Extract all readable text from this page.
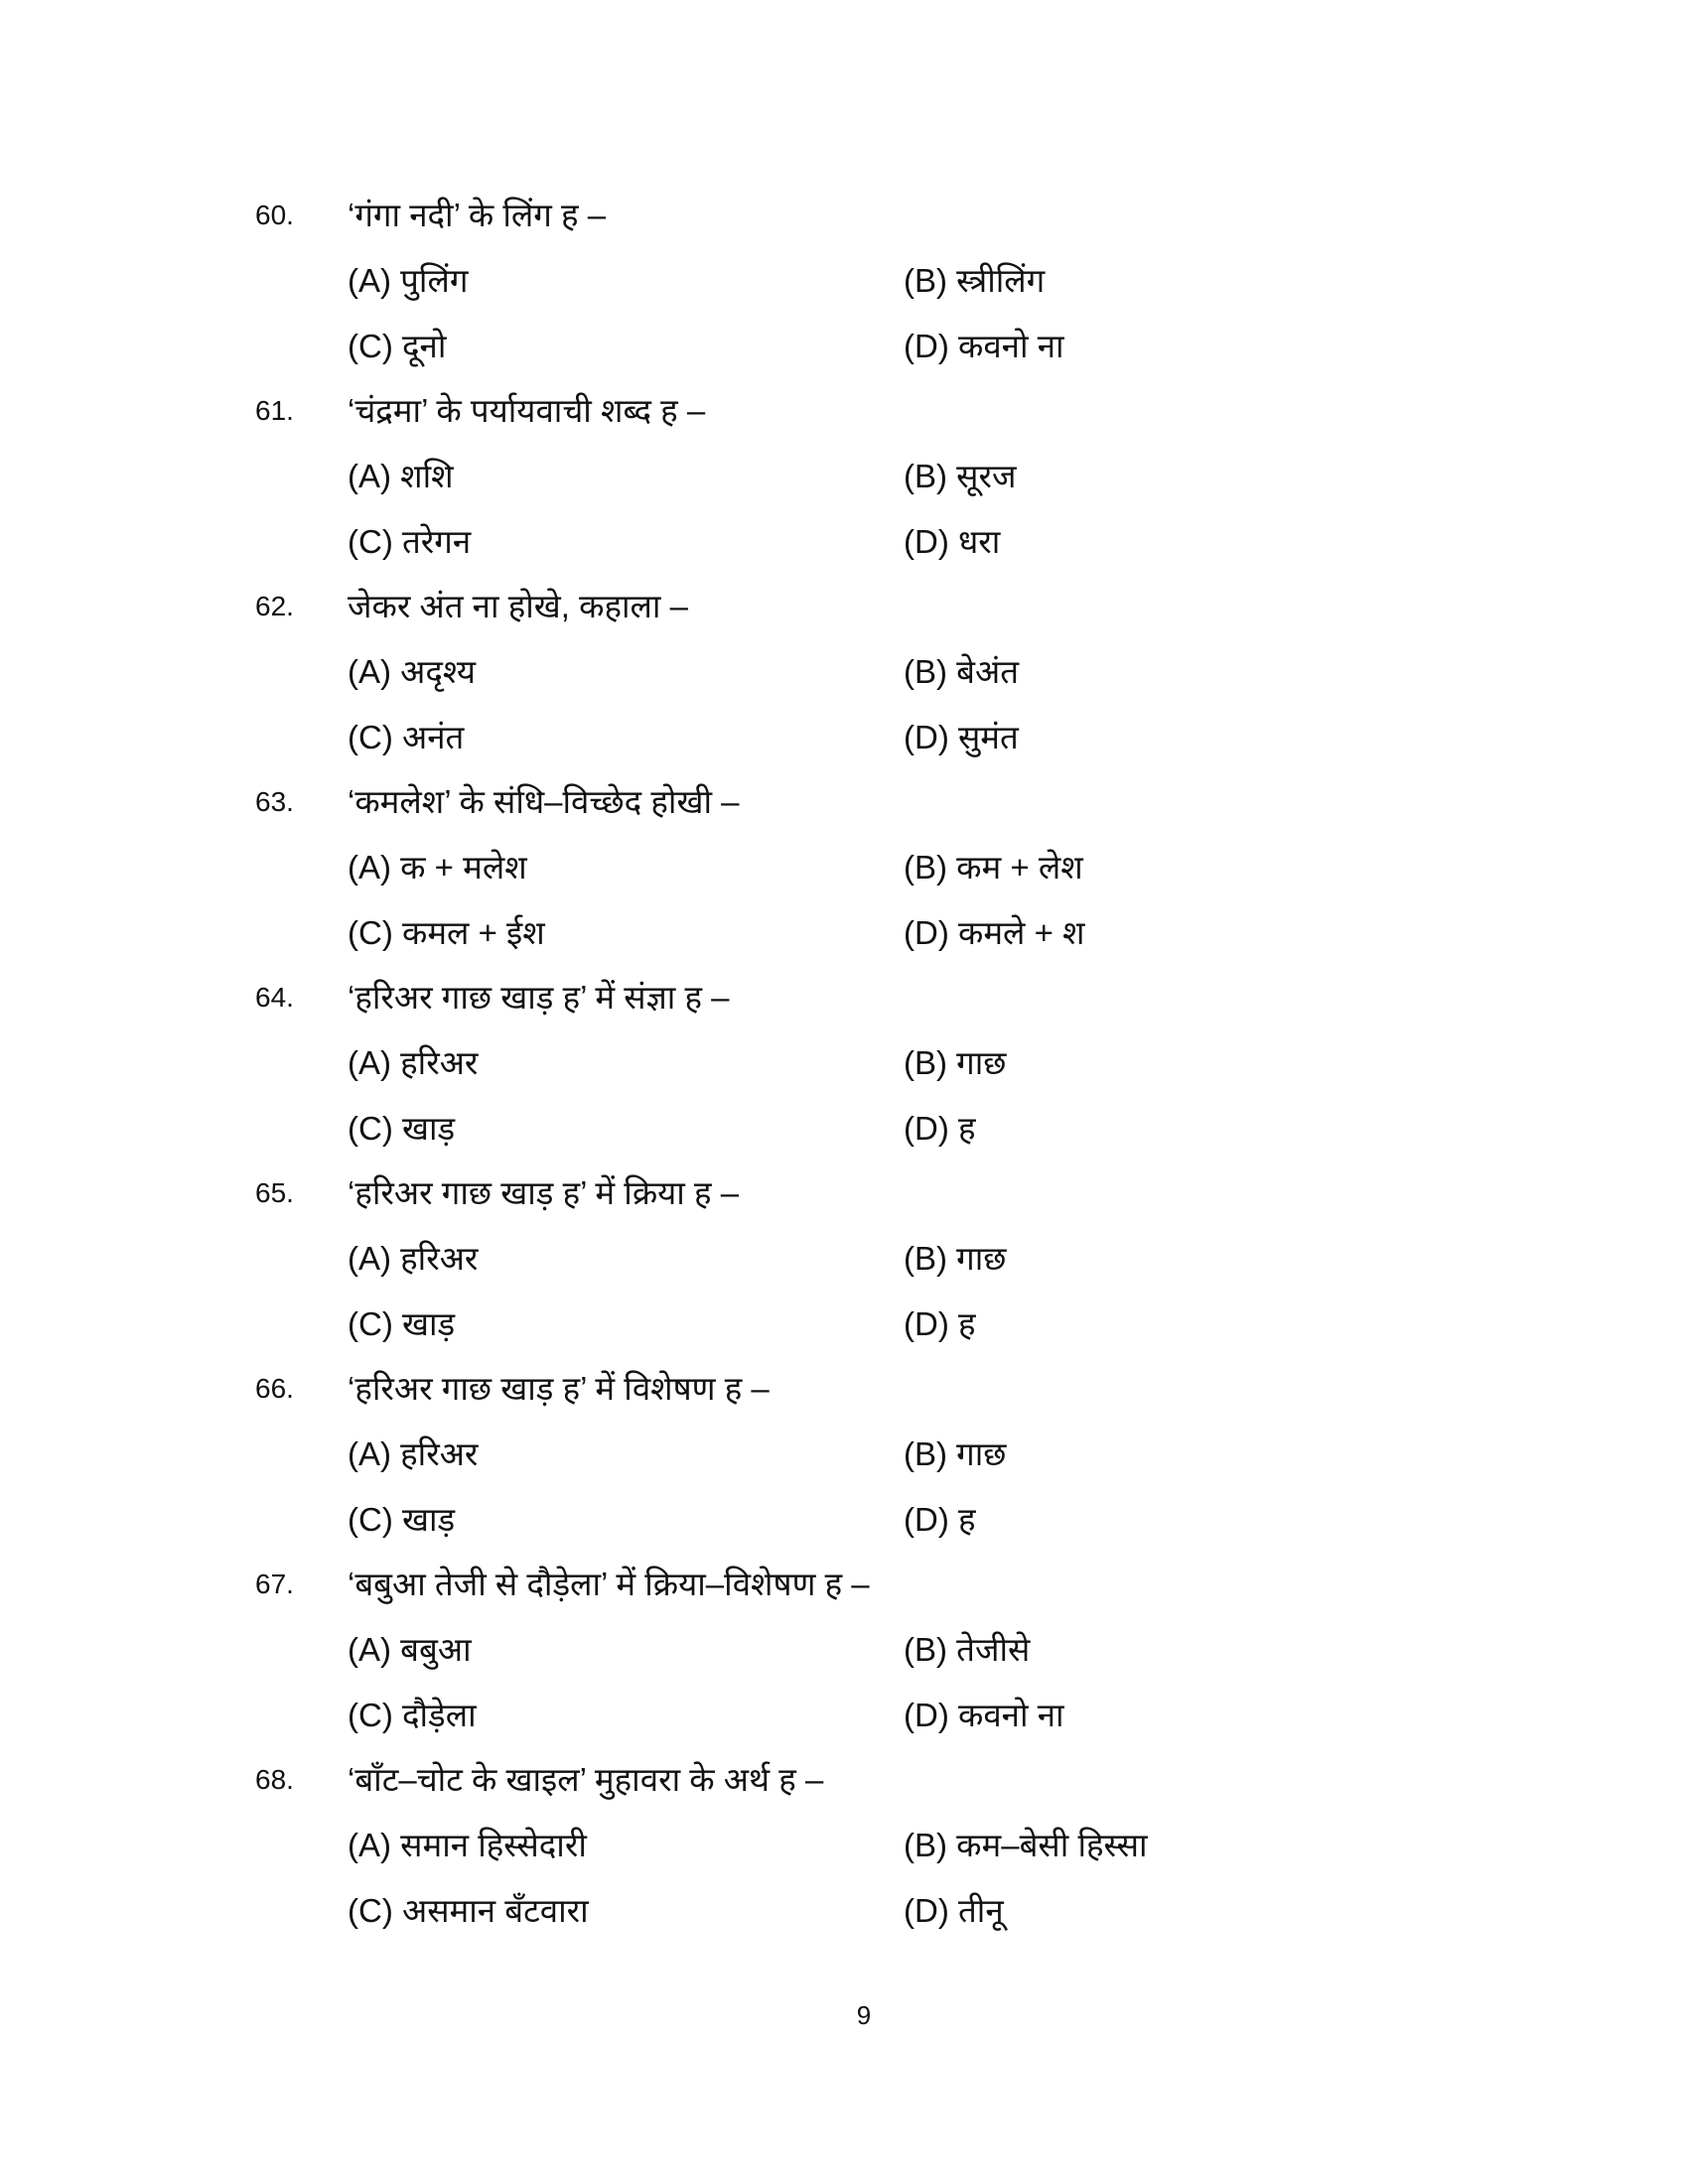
60.	‘गंगा नदी’ के लिंग ह –
(A) पुलिंग	(B) स्त्रीलिंग
(C) दूनो	(D) कवनो ना
61.	‘चंद्रमा’ के पर्यायवाची शब्द ह –
(A) शशि	(B) सूरज
(C) तरेगन	(D) धरा
62.	जेकर अंत ना होखे, कहाला –
(A) अदृश्य	(B) बेअंत
(C) अनंत	(D) सुमंत
63.	‘कमलेश’ के संधि–विच्छेद होखी –
(A) क + मलेश	(B) कम + लेश
(C) कमल + ईश	(D) कमले + श
64.	‘हरिअर गाछ खाड़ ह’ में संज्ञा ह –
(A) हरिअर	(B) गाछ
(C) खाड़	(D) ह
65.	‘हरिअर गाछ खाड़ ह’ में क्रिया ह –
(A) हरिअर	(B) गाछ
(C) खाड़	(D) ह
66.	‘हरिअर गाछ खाड़ ह’ में विशेषण ह –
(A) हरिअर	(B) गाछ
(C) खाड़	(D) ह
67.	‘बबुआ तेजी से दौड़ेला’ में क्रिया–विशेषण ह –
(A) बबुआ	(B) तेजीसे
(C) दौड़ेला	(D) कवनो ना
68.	‘बाँट–चोट के खाइल’ मुहावरा के अर्थ ह –
(A) समान हिस्सेदारी	(B) कम–बेसी हिस्सा
(C) असमान बँटवारा	(D) तीनू
9
